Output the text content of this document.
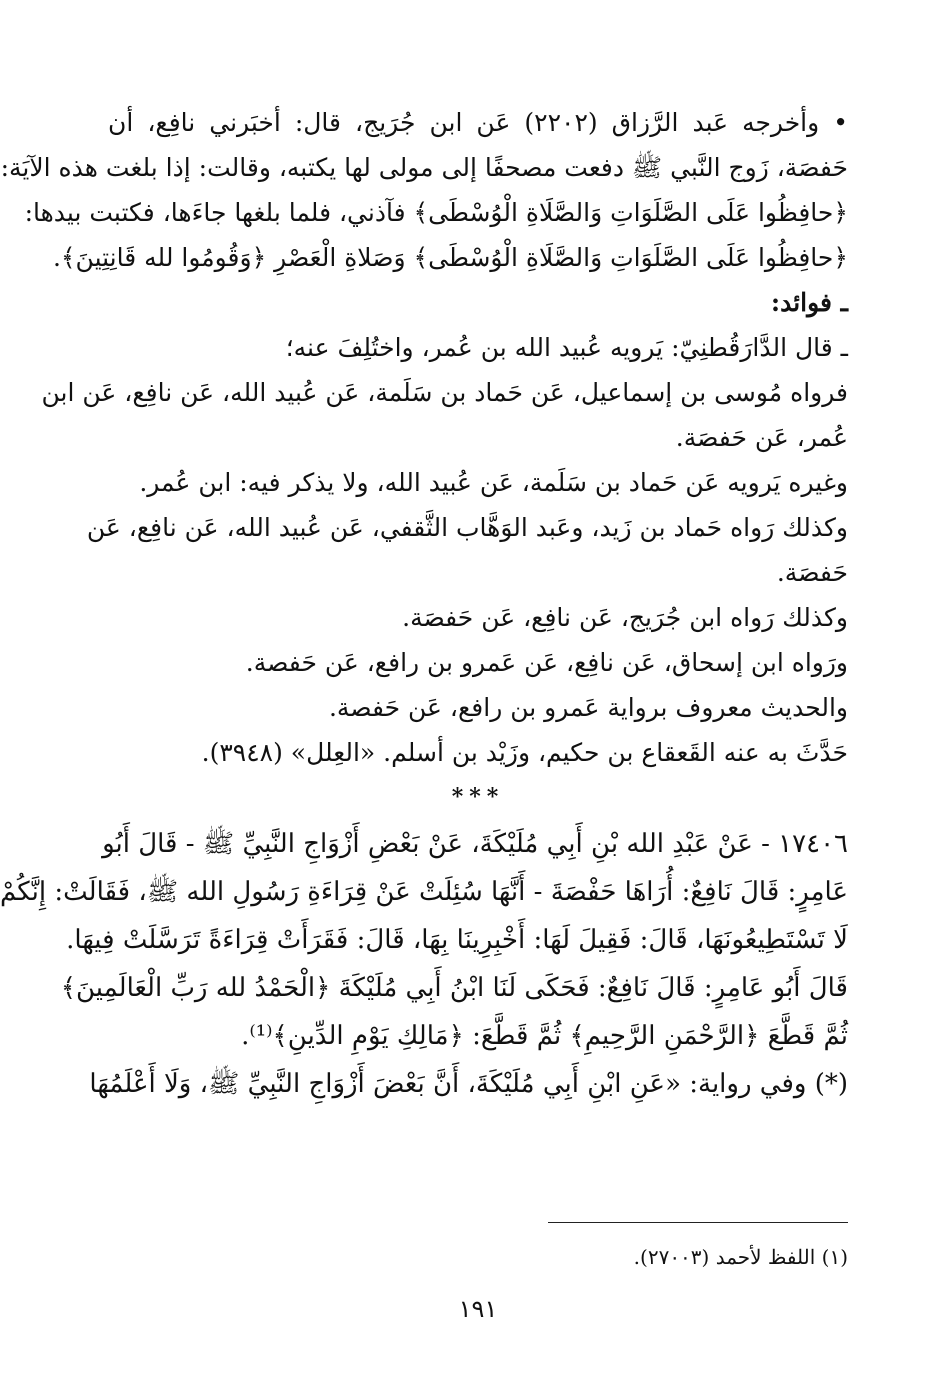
• وأخرجه عَبد الرَّزاق (٢٢٠٢) عَن ابن جُرَيج، قال: أخبَرني نافِع، أن
حَفصَة، زَوج النَّبي ﷺ دفعت مصحفًا إلى مولى لها يكتبه، وقالت: إذا بلغت هذه الآيَة:
﴿حافِظُوا عَلَى الصَّلَوَاتِ وَالصَّلَاةِ الْوُسْطَى﴾ فآذني، فلما بلغها جاءَها، فكتبت بيدها:
﴿حافِظُوا عَلَى الصَّلَوَاتِ وَالصَّلَاةِ الْوُسْطَى﴾ وَصَلاةِ الْعَصْرِ ﴿وَقُومُوا لله قَانِتِينَ﴾.
ـ فوائد:
ـ قال الدَّارَقُطنِيّ: يَرويه عُبيد الله بن عُمر، واختُلِفَ عنه؛
فرواه مُوسى بن إسماعيل، عَن حَماد بن سَلَمة، عَن عُبيد الله، عَن نافِع، عَن ابن
عُمر، عَن حَفصَة.
وغيره يَرويه عَن حَماد بن سَلَمة، عَن عُبيد الله، ولا يذكر فيه: ابن عُمر.
وكذلك رَواه حَماد بن زَيد، وعَبد الوَهَّاب الثَّقفي، عَن عُبيد الله، عَن نافِع، عَن
حَفصَة.
وكذلك رَواه ابن جُرَيج، عَن نافِع، عَن حَفصَة.
ورَواه ابن إسحاق، عَن نافِع، عَن عَمرو بن رافع، عَن حَفصة.
والحديث معروف برواية عَمرو بن رافع، عَن حَفصة.
حَدَّثَ به عنه القَعقاع بن حكيم، وزَيْد بن أسلم. «العِلل» (٣٩٤٨).
***
١٧٤٠٦ - عَنْ عَبْدِ الله بْنِ أَبِي مُلَيْكَةَ، عَنْ بَعْضِ أَزْوَاجِ النَّبِيِّ ﷺ - قَالَ أَبُو
عَامِرٍ: قَالَ نَافِعٌ: أُرَاهَا حَفْصَةَ - أَنَّهَا سُئِلَتْ عَنْ قِرَاءَةِ رَسُولِ الله ﷺ، فَقَالَتْ: إِنَّكُمْ
لَا تَسْتَطِيعُونَهَا، قَالَ: فَقِيلَ لَهَا: أَخْبِرِينَا بِهَا، قَالَ: فَقَرَأَتْ قِرَاءَةً تَرَسَّلَتْ فِيهَا.
قَالَ أَبُو عَامِرٍ: قَالَ نَافِعٌ: فَحَكَى لَنَا ابْنُ أَبِي مُلَيْكَةَ ﴿الْحَمْدُ لله رَبِّ الْعَالَمِينَ﴾
ثُمَّ قَطَّعَ ﴿الرَّحْمَنِ الرَّحِيمِ﴾ ثُمَّ قَطَّعَ: ﴿مَالِكِ يَوْمِ الدِّينِ﴾⁽¹⁾.
(*) وفي رواية: «عَنِ ابْنِ أَبِي مُلَيْكَةَ، أَنَّ بَعْضَ أَزْوَاجِ النَّبِيِّ ﷺ، وَلَا أَعْلَمُهَا
(١) اللفظ لأحمد (٢٧٠٠٣).
١٩١
